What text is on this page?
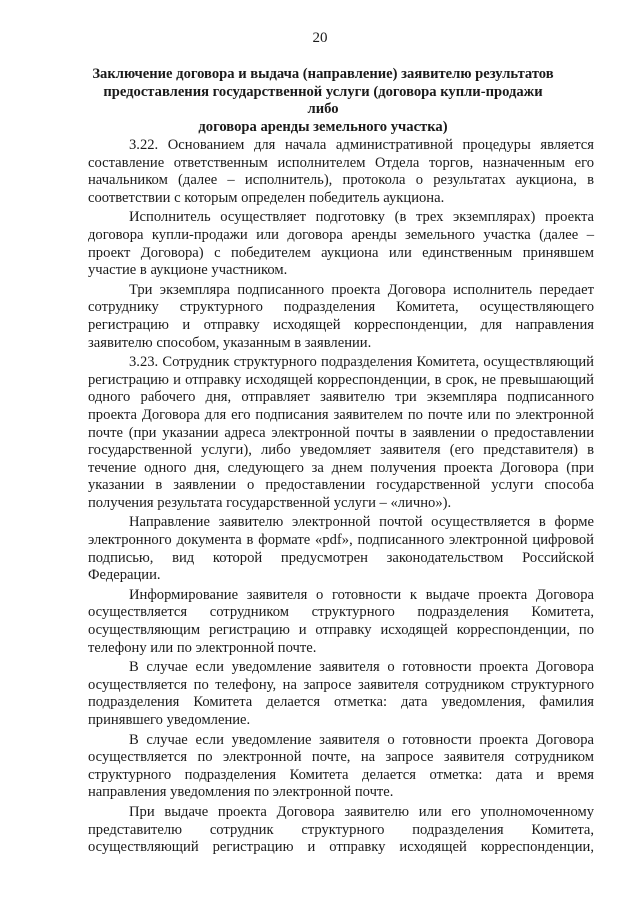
20
Заключение договора и выдача (направление) заявителю результатов
предоставления государственной услуги (договора купли-продажи либо
договора аренды земельного участка)

3.22. Основанием для начала административной процедуры является составление ответственным исполнителем Отдела торгов, назначенным его начальником (далее – исполнитель), протокола о результатах аукциона, в соответствии с которым определен победитель аукциона.

Исполнитель осуществляет подготовку (в трех экземплярах) проекта договора купли-продажи или договора аренды земельного участка (далее – проект Договора) с победителем аукциона или единственным принявшем участие в аукционе участником.

Три экземпляра подписанного проекта Договора исполнитель передает сотруднику структурного подразделения Комитета, осуществляющего регистрацию и отправку исходящей корреспонденции, для направления заявителю способом, указанным в заявлении.

3.23. Сотрудник структурного подразделения Комитета, осуществляющий регистрацию и отправку исходящей корреспонденции, в срок, не превышающий одного рабочего дня, отправляет заявителю три экземпляра подписанного проекта Договора для его подписания заявителем по почте или по электронной почте (при указании адреса электронной почты в заявлении о предоставлении государственной услуги), либо уведомляет заявителя (его представителя) в течение одного дня, следующего за днем получения проекта Договора (при указании в заявлении о предоставлении государственной услуги способа получения результата государственной услуги – «лично»).

Направление заявителю электронной почтой осуществляется в форме электронного документа в формате «pdf», подписанного электронной цифровой подписью, вид которой предусмотрен законодательством Российской Федерации.

Информирование заявителя о готовности к выдаче проекта Договора осуществляется сотрудником структурного подразделения Комитета, осуществляющим регистрацию и отправку исходящей корреспонденции, по телефону или по электронной почте.

В случае если уведомление заявителя о готовности проекта Договора осуществляется по телефону, на запросе заявителя сотрудником структурного подразделения Комитета делается отметка: дата уведомления, фамилия принявшего уведомление.

В случае если уведомление заявителя о готовности проекта Договора осуществляется по электронной почте, на запросе заявителя сотрудником структурного подразделения Комитета делается отметка: дата и время направления уведомления по электронной почте.

При выдаче проекта Договора заявителю или его уполномоченному представителю сотрудник структурного подразделения Комитета, осуществляющий регистрацию и отправку исходящей корреспонденции,
